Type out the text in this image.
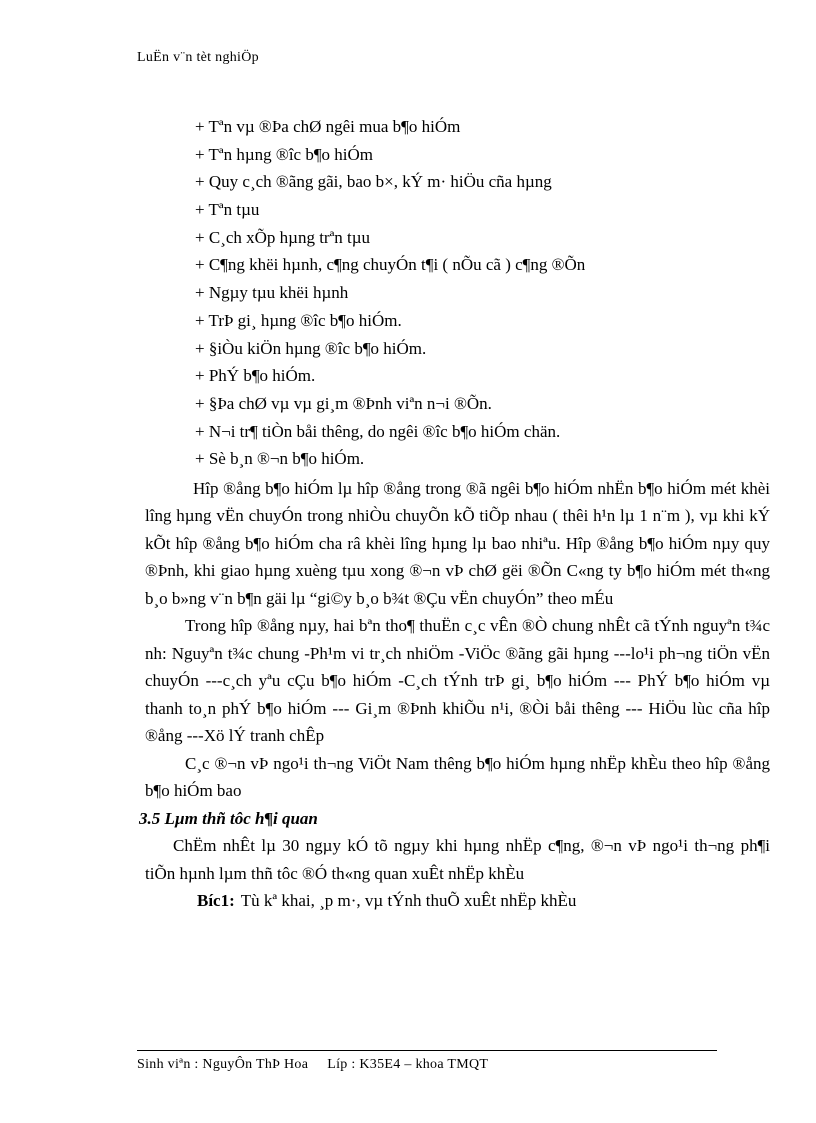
LuËn v¨n tèt nghiÖp
+ Tªn vµ ®Þa chØ ngêi mua b¶o hiÓm
+ Tªn hµng ®îc b¶o hiÓm
+ Quy c¸ch ®ãng gãi, bao b×, kÝ m· hiÖu cña hµng
+ Tªn tµu
+ C¸ch xÕp hµng trªn tµu
+ C¶ng khëi hµnh, c¶ng chuyÓn t¶i ( nÕu cã ) c¶ng ®Õn
+ Ngµy tµu khëi hµnh
+ TrÞ gi¸ hµng ®îc b¶o hiÓm.
+ §iÒu kiÖn hµng ®îc b¶o hiÓm.
+ PhÝ b¶o hiÓm.
+ §Þa chØ vµ vµ gi¸m ®Þnh viªn n¬i ®Õn.
+ N¬i tr¶ tiÒn båi thêng, do ngêi ®îc b¶o hiÓm chän.
+ Sè b¸n ®¬n b¶o hiÓm.

Hîp ®ång b¶o hiÓm lµ hîp ®ång trong ®ã ngêi b¶o hiÓm nhËn b¶o hiÓm mét khèi lîng hµng vËn chuyÓn trong nhiÒu chuyÕn kÕ tiÕp nhau ( thêi h¹n lµ 1 n¨m ), vµ khi kÝ kÕt hîp ®ång b¶o hiÓm cha râ khèi lîng hµng lµ bao nhiªu. Hîp ®ång b¶o hiÓm nµy quy ®Þnh, khi giao hµng xuèng tµu xong ®¬n vÞ chØ gëi ®Õn C«ng ty b¶o hiÓm mét th«ng b¸o b»ng v¨n b¶n gäi lµ “gi©y b¸o b¾t ®Çu vËn chuyÓn” theo mÉu

Trong hîp ®ång nµy, hai bªn tho¶ thuËn c¸c vÊn ®Ò chung nhÊt cã tÝnh nguyªn t¾c nh: Nguyªn t¾c chung -Ph¹m vi tr¸ch nhiÖm -ViÖc ®ãng gãi hµng ---lo¹i ph¬ng tiÖn vËn chuyÓn ---c¸ch yªu cÇu b¶o hiÓm -C¸ch tÝnh trÞ gi¸ b¶o hiÓm --- PhÝ b¶o hiÓm vµ thanh to¸n phÝ b¶o hiÓm --- Gi¸m ®Þnh khiÕu n¹i, ®Òi båi thêng --- HiÖu lùc cña hîp ®ång ---Xö lÝ tranh chÊp

C¸c ®¬n vÞ ngo¹i th¬ng ViÖt Nam thêng b¶o hiÓm hµng nhËp khÈu theo hîp ®ång b¶o hiÓm bao

3.5 Lµm thñ tôc h¶i quan

ChËm nhÊt lµ 30 ngµy kÓ tõ ngµy khi hµng nhËp c¶ng, ®¬n vÞ ngo¹i th¬ng ph¶i tiÕn hµnh lµm thñ tôc ®Ó th«ng quan xuÊt nhËp khÈu

Bíc1: Tù kª khai, ¸p m·, vµ tÝnh thuÕ xuÊt nhËp khÈu

Sinh viªn : NguyÔn ThÞ Hoa Líp : K35E4 – khoa TMQT
